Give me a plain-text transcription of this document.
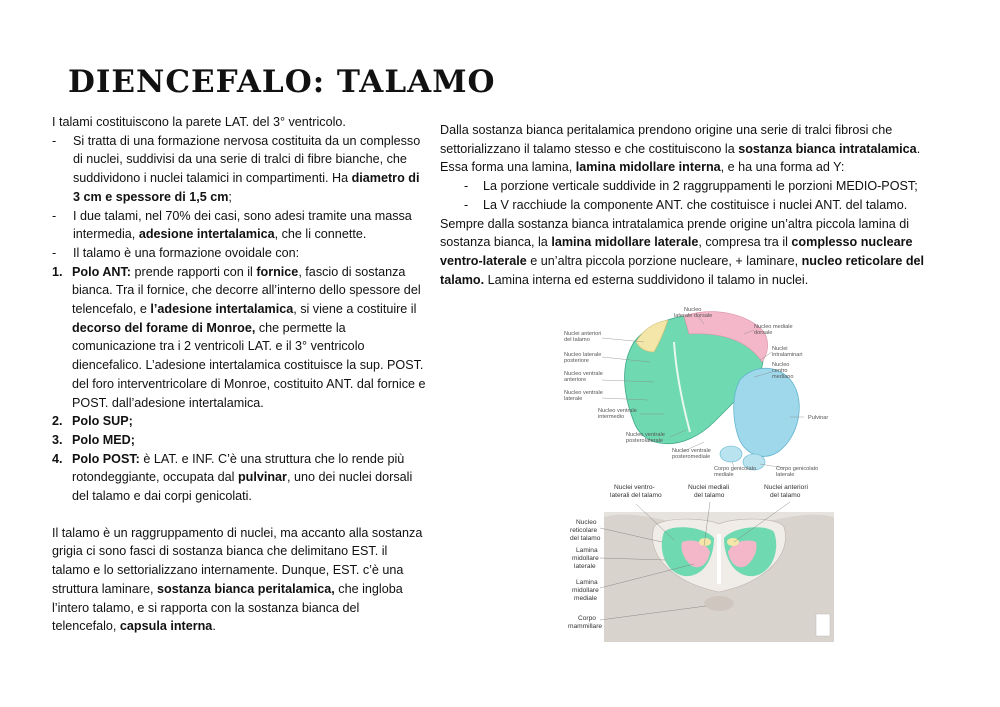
DIENCEFALO: TALAMO

I talami costituiscono la parete LAT. del 3° ventricolo.

- Si tratta di una formazione nervosa costituita da un complesso di nuclei, suddivisi da una serie di tralci di fibre bianche, che suddividono i nuclei talamici in compartimenti. Ha diametro di 3 cm e spessore di 1,5 cm;
- I due talami, nel 70% dei casi, sono adesi tramite una massa intermedia, adesione intertalamica, che li connette.
- Il talamo è una formazione ovoidale con:
1. Polo ANT: prende rapporti con il fornice, fascio di sostanza bianca. Tra il fornice, che decorre all’interno dello spessore del telencefalo, e l’adesione intertalamica, si viene a costituire il decorso del forame di Monroe, che permette la comunicazione tra i 2 ventricoli LAT. e il 3° ventricolo diencefalico. L’adesione intertalamica costituisce la sup. POST. del foro interventricolare di Monroe, costituito ANT. dal fornice e POST. dall’adesione intertalamica.
2. Polo SUP;
3. Polo MED;
4. Polo POST: è LAT. e INF. C’è una struttura che lo rende più rotondeggiante, occupata dal pulvinar, uno dei nuclei dorsali del talamo e dai corpi genicolati.

Il talamo è un raggruppamento di nuclei, ma accanto alla sostanza grigia ci sono fasci di sostanza bianca che delimitano EST. il talamo e lo settorializzano internamente. Dunque, EST. c’è una struttura laminare, sostanza bianca peritalamica, che ingloba l’intero talamo, e si rapporta con la sostanza bianca del telencefalo, capsula interna.

Dalla sostanza bianca peritalamica prendono origine una serie di tralci fibrosi che settorializzano il talamo stesso e che costituiscono la sostanza bianca intratalamica. Essa forma una lamina, lamina midollare interna, e ha una forma ad Y:

- La porzione verticale suddivide in 2 raggruppamenti le porzioni MEDIO-POST;
- La V racchiude la componente ANT. che costituisce i nuclei ANT. del talamo.

Sempre dalla sostanza bianca intratalamica prende origine un’altra piccola lamina di sostanza bianca, la lamina midollare laterale, compresa tra il complesso nucleare ventro-laterale e un’altra piccola porzione nucleare, + laminare, nucleo reticolare del talamo. Lamina interna ed esterna suddividono il talamo in nuclei.

Nuclei anteriori
del talamo
Nucleo
laterale dorsale
Nucleo mediale
dorsale
Nucleo laterale
posteriore
Nuclei
intralaminari
Nucleo ventrale
anteriore
Nucleo
centro
mediano
Nucleo ventrale
laterale
Nucleo ventrale
intermedio	Pulvinar
Nucleo ventrale
posterolaterale
Nucleo ventrale
posteromediale
Corpo genicolato
mediale
Corpo genicolato
laterale
Nuclei ventro-
laterali del talamo
Nuclei mediali
del talamo
Nuclei anteriori
del talamo
Nucleo
reticolare
del talamo
Lamina
midollare
laterale
Lamina
midollare
mediale
Corpo
mammillare
